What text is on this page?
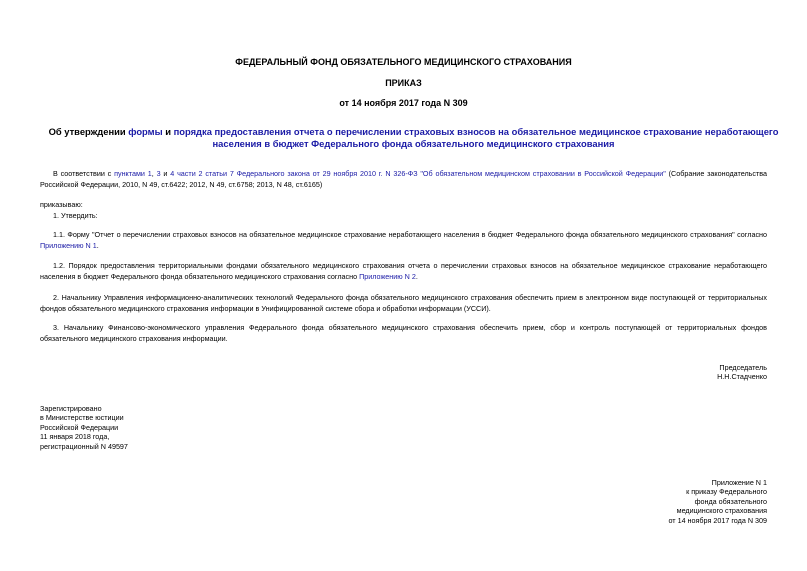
ФЕДЕРАЛЬНЫЙ ФОНД ОБЯЗАТЕЛЬНОГО МЕДИЦИНСКОГО СТРАХОВАНИЯ
ПРИКАЗ
от 14 ноября 2017 года N 309
Об утверждении формы и порядка предоставления отчета о перечислении страховых взносов на обязательное медицинское страхование неработающего населения в бюджет Федерального фонда обязательного медицинского страхования
В соответствии с пунктами 1, 3 и 4 части 2 статьи 7 Федерального закона от 29 ноября 2010 г. N 326-ФЗ "Об обязательном медицинском страховании в Российской Федерации" (Собрание законодательства Российской Федерации, 2010, N 49, ст.6422; 2012, N 49, ст.6758; 2013, N 48, ст.6165)
приказываю:
1. Утвердить:
1.1. Форму "Отчет о перечислении страховых взносов на обязательное медицинское страхование неработающего населения в бюджет Федерального фонда обязательного медицинского страхования" согласно Приложению N 1.
1.2. Порядок предоставления территориальными фондами обязательного медицинского страхования отчета о перечислении страховых взносов на обязательное медицинское страхование неработающего населения в бюджет Федерального фонда обязательного медицинского страхования согласно Приложению N 2.
2. Начальнику Управления информационно-аналитических технологий Федерального фонда обязательного медицинского страхования обеспечить прием в электронном виде поступающей от территориальных фондов обязательного медицинского страхования информации в Унифицированной системе сбора и обработки информации (УССИ).
3. Начальнику Финансово-экономического управления Федерального фонда обязательного медицинского страхования обеспечить прием, сбор и контроль поступающей от территориальных фондов обязательного медицинского страхования информации.
Председатель
Н.Н.Стадченко
Зарегистрировано
в Министерстве юстиции
Российской Федерации
11 января 2018 года,
регистрационный N 49597
Приложение N 1
к приказу Федерального
фонда обязательного
медицинского страхования
от 14 ноября 2017 года N 309
